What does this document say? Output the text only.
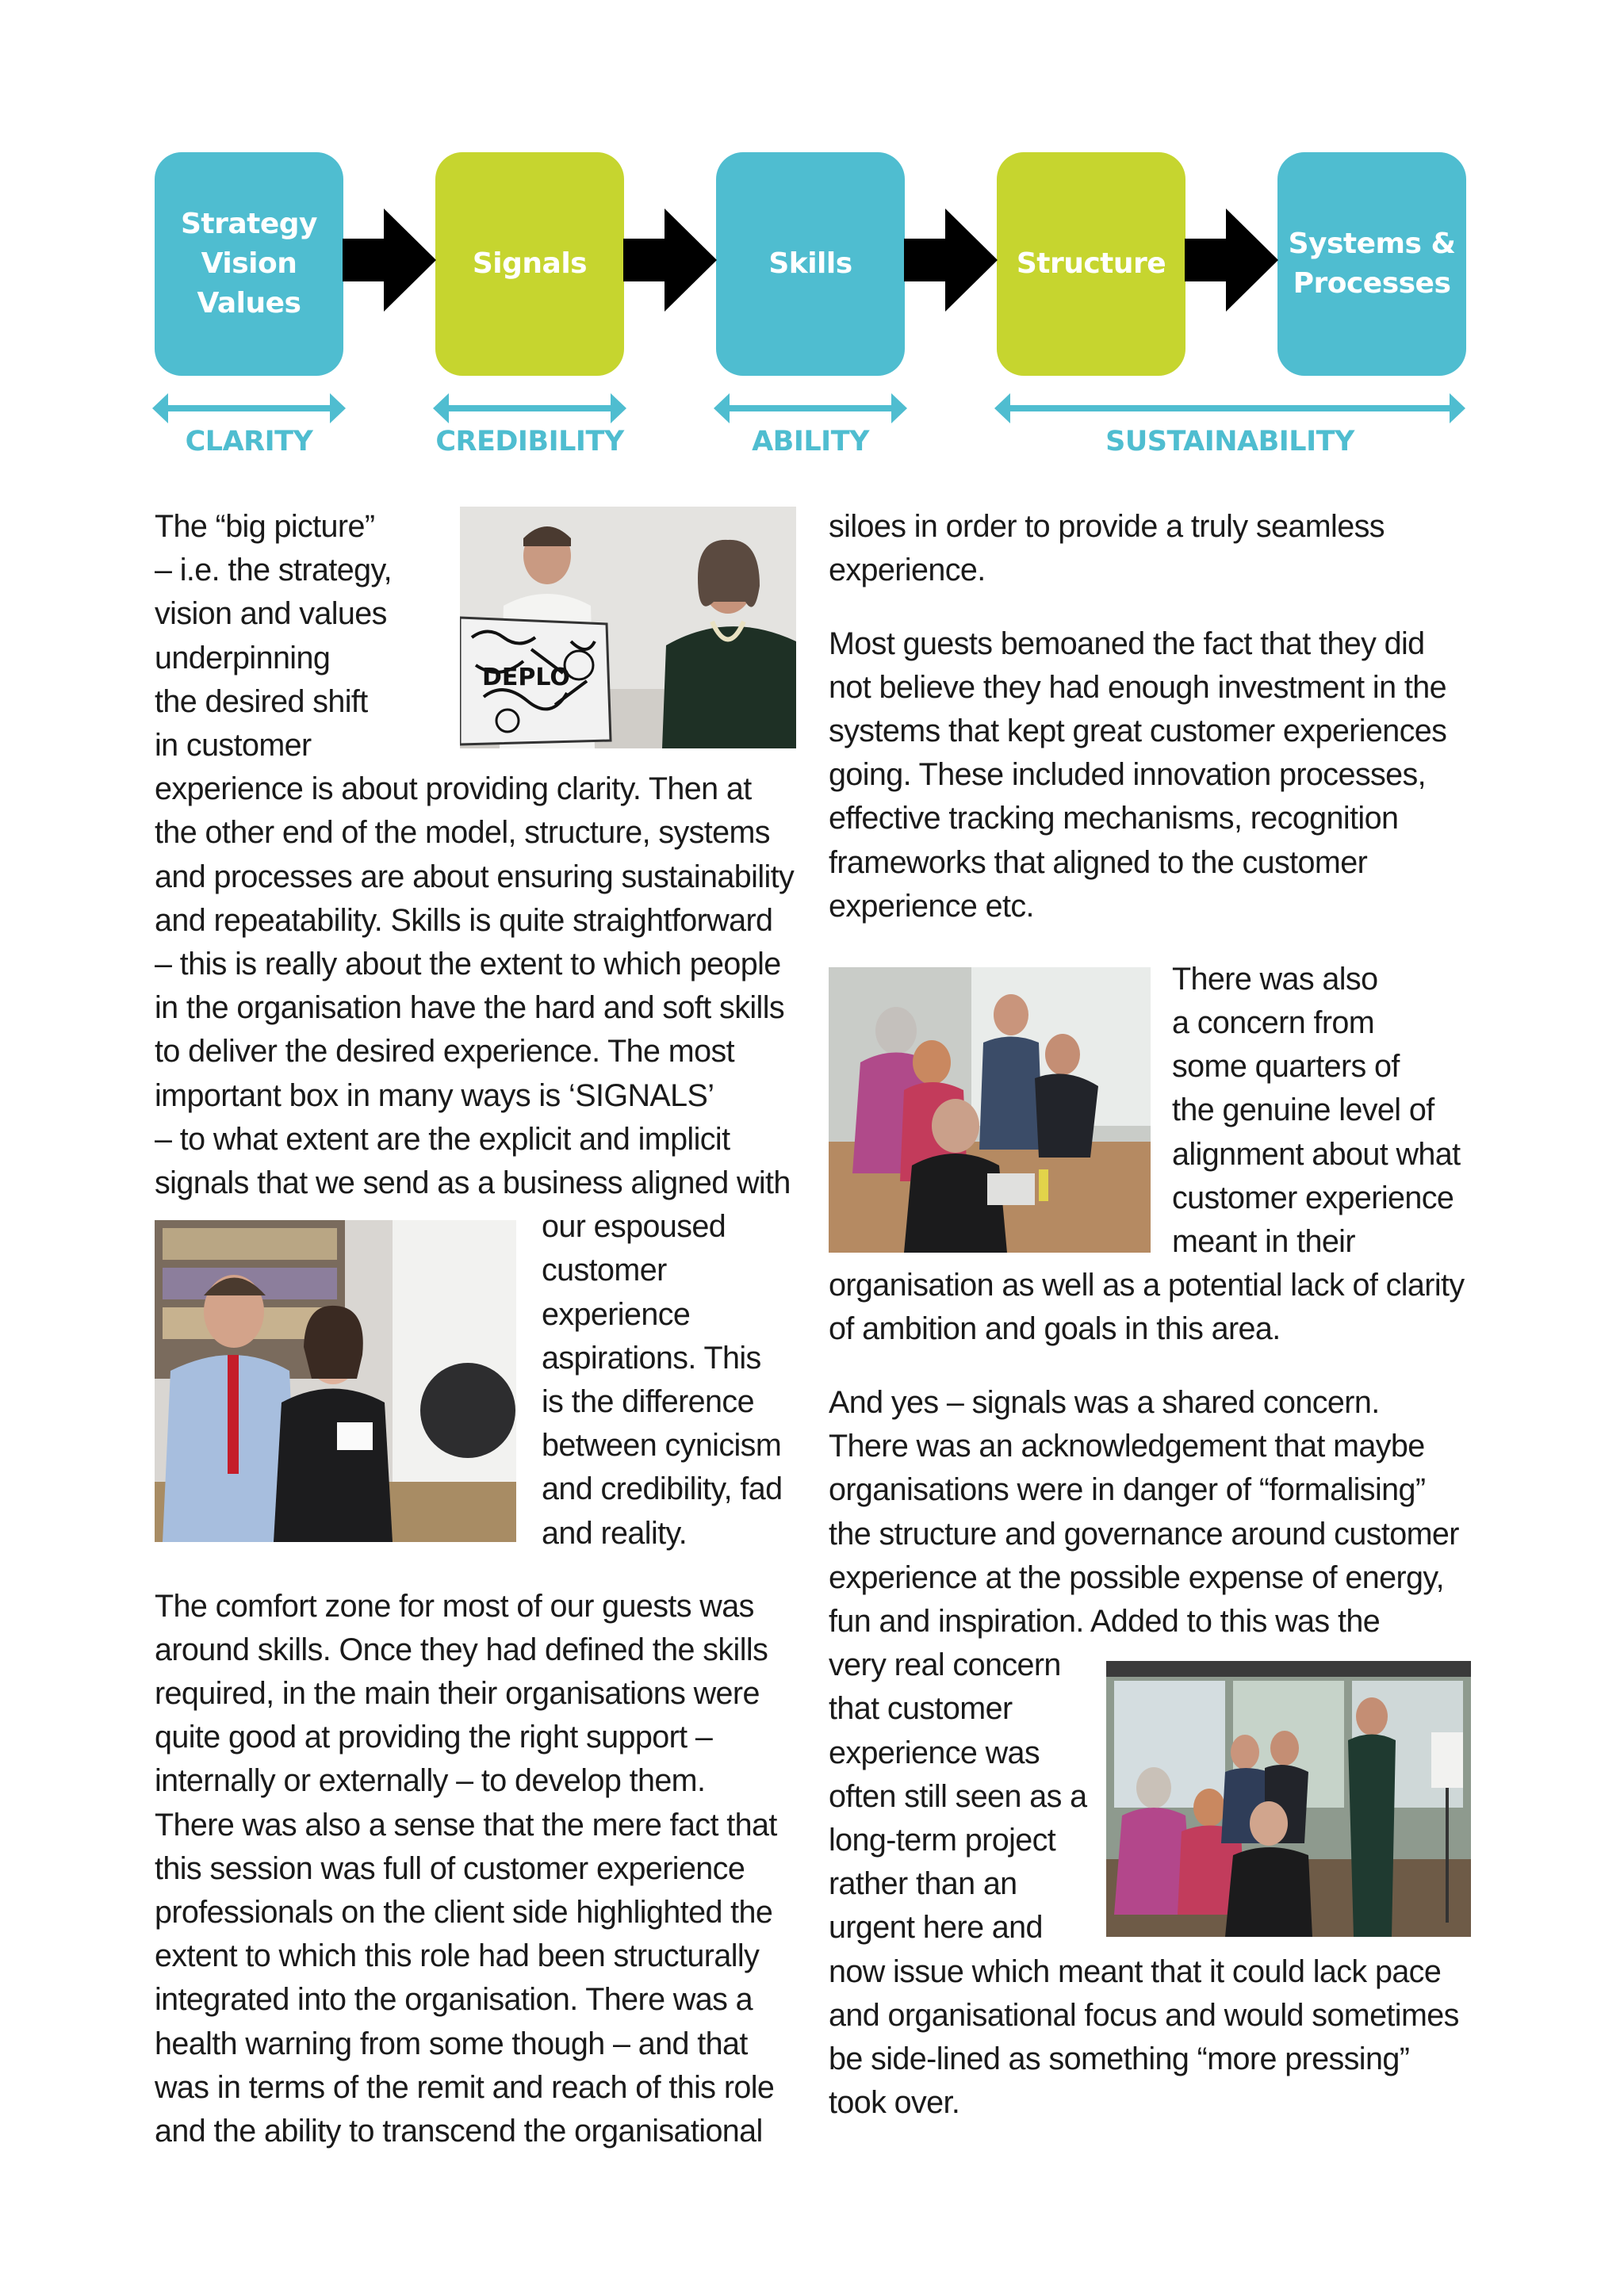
Strategy
Vision
Values
Signals	Skills	Structure
Systems &
Processes
CLARITY	CREDIBILITY	ABILITY	SUSTAINABILITY
DEPLO
The “big picture”
– i.e. the strategy,
vision and values
underpinning
the desired shift
in customer
experience is about providing clarity. Then at
the other end of the model, structure, systems
and processes are about ensuring sustainability
and repeatability. Skills is quite straightforward
– this is really about the extent to which people
in the organisation have the hard and soft skills
to deliver the desired experience. The most
important box in many ways is ‘SIGNALS’
– to what extent are the explicit and implicit
signals that we send as a business aligned with
our espoused
customer
experience
aspirations. This
is the difference
between cynicism
and credibility, fad
and reality.
The comfort zone for most of our guests was
around skills. Once they had defined the skills
required, in the main their organisations were
quite good at providing the right support –
internally or externally – to develop them.
There was also a sense that the mere fact that
this session was full of customer experience
professionals on the client side highlighted the
extent to which this role had been structurally
integrated into the organisation. There was a
health warning from some though – and that
was in terms of the remit and reach of this role
and the ability to transcend the organisational
siloes in order to provide a truly seamless
experience.
Most guests bemoaned the fact that they did
not believe they had enough investment in the
systems that kept great customer experiences
going. These included innovation processes,
effective tracking mechanisms, recognition
frameworks that aligned to the customer
experience etc.
There was also
a concern from
some quarters of
the genuine level of
alignment about what
customer experience
meant in their
organisation as well as a potential lack of clarity
of ambition and goals in this area.
And yes – signals was a shared concern.
There was an acknowledgement that maybe
organisations were in danger of “formalising”
the structure and governance around customer
experience at the possible expense of energy,
fun and inspiration. Added to this was the
very real concern
that customer
experience was
often still seen as a
long-term project
rather than an
urgent here and
now issue which meant that it could lack pace
and organisational focus and would sometimes
be side-lined as something “more pressing”
took over.
